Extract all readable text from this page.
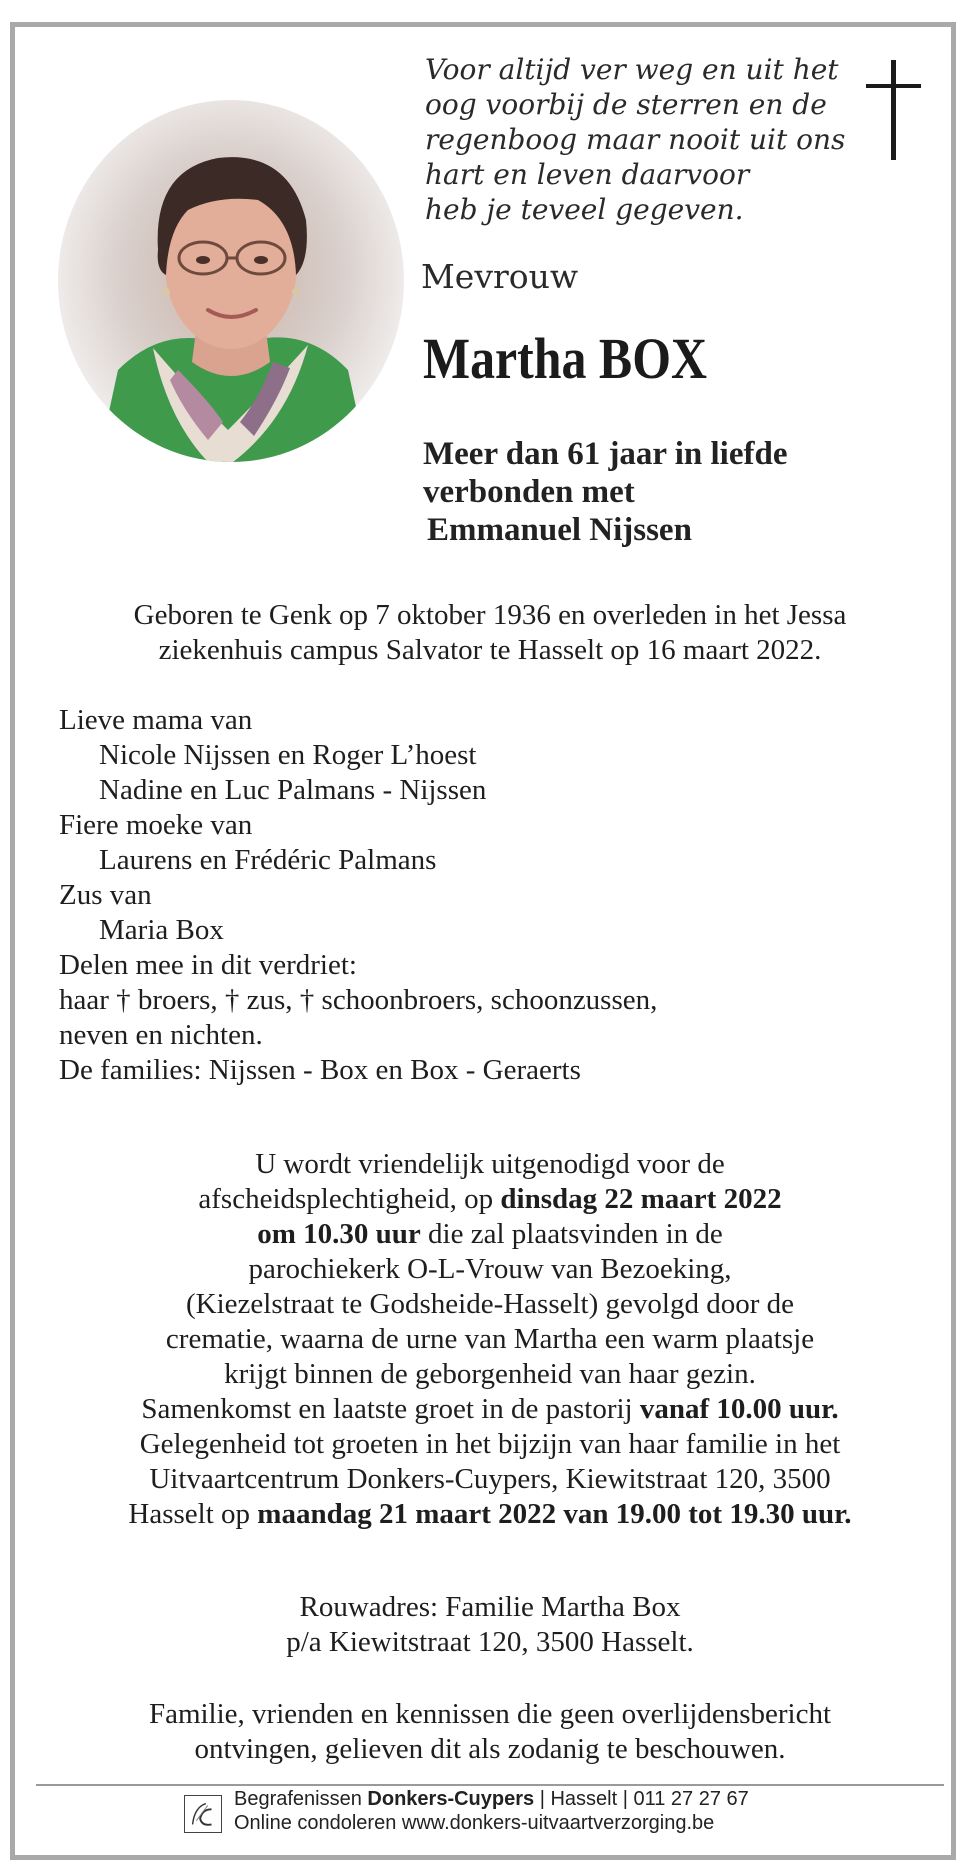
Voor altijd ver weg en uit het
oog voorbij de sterren en de
regenboog maar nooit uit ons
hart en leven daarvoor
heb je teveel gegeven.
Mevrouw
Martha BOX
Meer dan 61 jaar in liefde
verbonden met
Emmanuel Nijssen
Geboren te Genk op 7 oktober 1936 en overleden in het Jessa
ziekenhuis campus Salvator te Hasselt op 16 maart 2022.
Lieve mama van
Nicole Nijssen en Roger L’hoest
Nadine en Luc Palmans - Nijssen
Fiere moeke van
Laurens en Frédéric Palmans
Zus van
Maria Box
Delen mee in dit verdriet:
haar † broers, † zus, † schoonbroers, schoonzussen,
neven en nichten.
De families: Nijssen - Box en Box - Geraerts
U wordt vriendelijk uitgenodigd voor de
afscheidsplechtigheid, op dinsdag 22 maart 2022
om 10.30 uur die zal plaatsvinden in de
parochiekerk O-L-Vrouw van Bezoeking,
(Kiezelstraat te Godsheide-Hasselt) gevolgd door de
crematie, waarna de urne van Martha een warm plaatsje
krijgt binnen de geborgenheid van haar gezin.
Samenkomst en laatste groet in de pastorij vanaf 10.00 uur.
Gelegenheid tot groeten in het bijzijn van haar familie in het
Uitvaartcentrum Donkers-Cuypers, Kiewitstraat 120, 3500
Hasselt op maandag 21 maart 2022 van 19.00 tot 19.30 uur.
Rouwadres: Familie Martha Box
p/a Kiewitstraat 120, 3500 Hasselt.
Familie, vrienden en kennissen die geen overlijdensbericht
ontvingen, gelieven dit als zodanig te beschouwen.
Begrafenissen Donkers-Cuypers | Hasselt | 011 27 27 67
Online condoleren www.donkers-uitvaartverzorging.be
